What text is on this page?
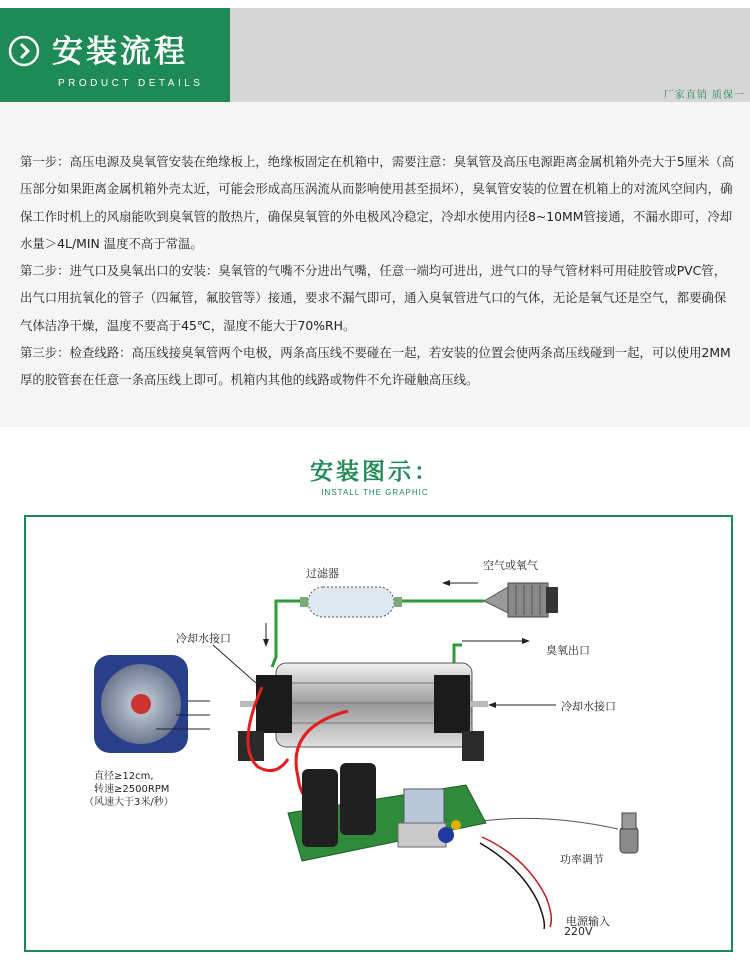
安装流程
PRODUCT DETAILS
厂家直销 质保一

第一步：高压电源及臭氧管安装在绝缘板上，绝缘板固定在机箱中，需要注意：臭氧管及高压电源距离金属机箱外壳大于5厘米（高压部分如果距离金属机箱外壳太近，可能会形成高压涡流从而影响使用甚至损坏），臭氧管安装的位置在机箱上的对流风空间内，确保工作时机上的风扇能吹到臭氧管的散热片，确保臭氧管的外电极风冷稳定，冷却水使用内径8~10MM管接通，不漏水即可，冷却水量＞4L/MIN 温度不高于常温。

第二步：进气口及臭氧出口的安装：臭氧管的气嘴不分进出气嘴，任意一端均可进出，进气口的导气管材料可用硅胶管或PVC管，出气口用抗氧化的管子（四氟管，氟胶管等）接通，要求不漏气即可，通入臭氧管进气口的气体，无论是氧气还是空气，都要确保气体洁净干燥，温度不要高于45℃，湿度不能大于70%RH。

第三步：检查线路：高压线接臭氧管两个电极，两条高压线不要碰在一起，若安装的位置会使两条高压线碰到一起，可以使用2MM厚的胶管套在任意一条高压线上即可。机箱内其他的线路或物件不允许碰触高压线。

安装图示：
INSTALL THE GRAPHIC
过滤器
空气或氧气
冷却水接口
臭氧出口
冷却水接口
直径≥12cm,
转速≥2500RPM
（风速大于3米/秒）
功率调节
电源输入
220V
